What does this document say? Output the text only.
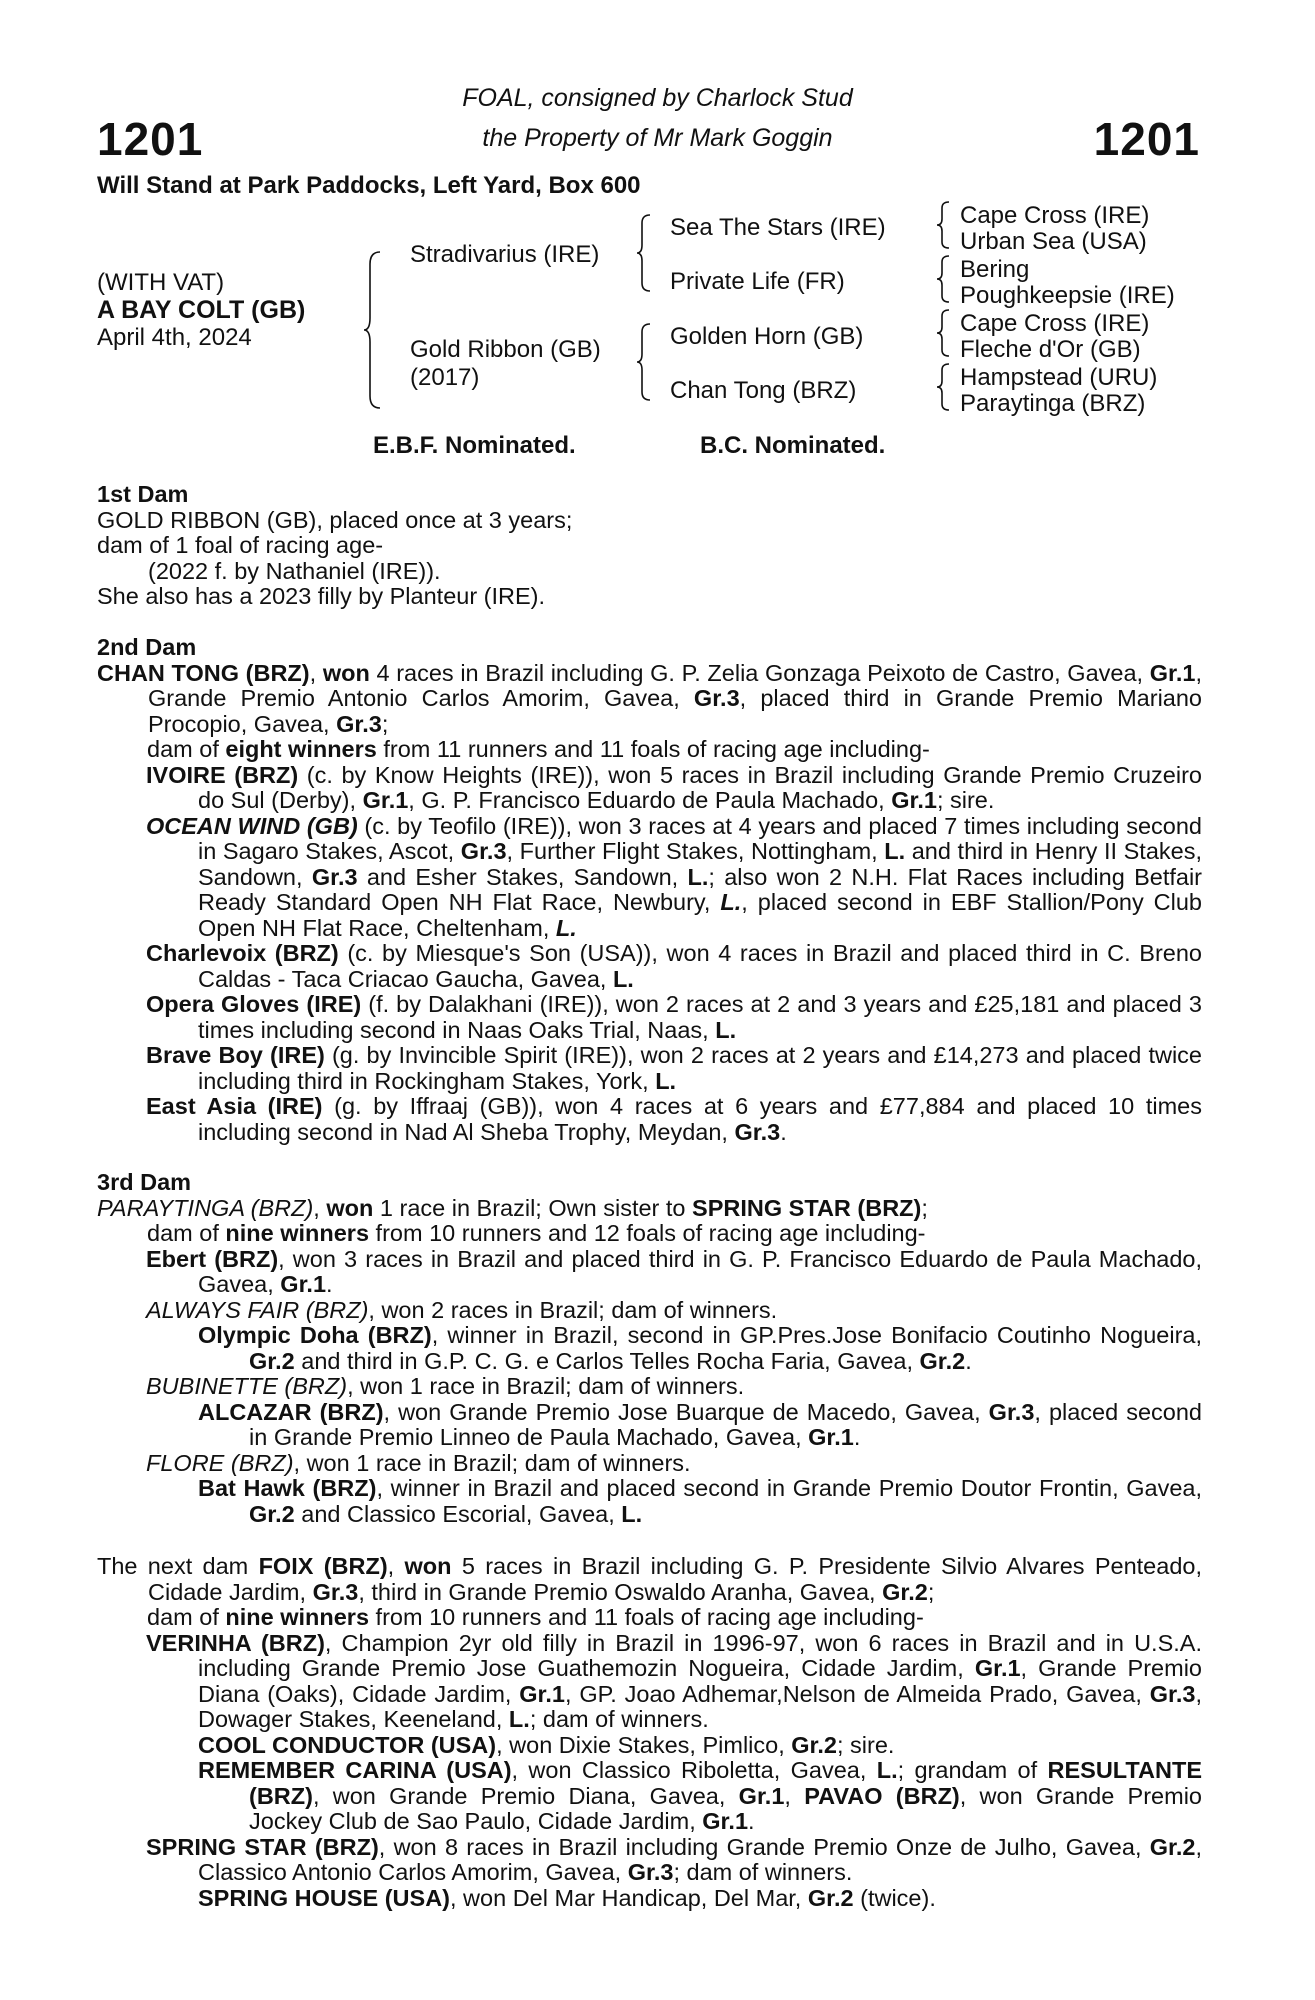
1201	1201
FOAL, consigned by Charlock Stud
the Property of Mr Mark Goggin
Will Stand at Park Paddocks, Left Yard, Box 600
(WITH VAT)
A BAY COLT (GB)
April 4th, 2024
Stradivarius (IRE)
Gold Ribbon (GB)
(2017)
Sea The Stars (IRE)
Private Life (FR)
Golden Horn (GB)
Chan Tong (BRZ)
Cape Cross (IRE)
Urban Sea (USA)
Bering
Poughkeepsie (IRE)
Cape Cross (IRE)
Fleche d'Or (GB)
Hampstead (URU)
Paraytinga (BRZ)
E.B.F. Nominated.	B.C. Nominated.

1st Dam

GOLD RIBBON (GB), placed once at 3 years;

dam of 1 foal of racing age-

(2022 f. by Nathaniel (IRE)).

She also has a 2023 filly by Planteur (IRE).

2nd Dam

CHAN TONG (BRZ), won 4 races in Brazil including G. P. Zelia Gonzaga Peixoto de Castro, Gavea, Gr.1, Grande Premio Antonio Carlos Amorim, Gavea, Gr.3, placed third in Grande Premio Mariano Procopio, Gavea, Gr.3;

dam of eight winners from 11 runners and 11 foals of racing age including-

IVOIRE (BRZ) (c. by Know Heights (IRE)), won 5 races in Brazil including Grande Premio Cruzeiro do Sul (Derby), Gr.1, G. P. Francisco Eduardo de Paula Machado, Gr.1; sire.

OCEAN WIND (GB) (c. by Teofilo (IRE)), won 3 races at 4 years and placed 7 times including second in Sagaro Stakes, Ascot, Gr.3, Further Flight Stakes, Nottingham, L. and third in Henry II Stakes, Sandown, Gr.3 and Esher Stakes, Sandown, L.; also won 2 N.H. Flat Races including Betfair Ready Standard Open NH Flat Race, Newbury, L., placed second in EBF Stallion/Pony Club Open NH Flat Race, Cheltenham, L.

Charlevoix (BRZ) (c. by Miesque's Son (USA)), won 4 races in Brazil and placed third in C. Breno Caldas - Taca Criacao Gaucha, Gavea, L.

Opera Gloves (IRE) (f. by Dalakhani (IRE)), won 2 races at 2 and 3 years and £25,181 and placed 3 times including second in Naas Oaks Trial, Naas, L.

Brave Boy (IRE) (g. by Invincible Spirit (IRE)), won 2 races at 2 years and £14,273 and placed twice including third in Rockingham Stakes, York, L.

East Asia (IRE) (g. by Iffraaj (GB)), won 4 races at 6 years and £77,884 and placed 10 times including second in Nad Al Sheba Trophy, Meydan, Gr.3.

3rd Dam

PARAYTINGA (BRZ), won 1 race in Brazil; Own sister to SPRING STAR (BRZ);

dam of nine winners from 10 runners and 12 foals of racing age including-

Ebert (BRZ), won 3 races in Brazil and placed third in G. P. Francisco Eduardo de Paula Machado, Gavea, Gr.1.

ALWAYS FAIR (BRZ), won 2 races in Brazil; dam of winners.

Olympic Doha (BRZ), winner in Brazil, second in GP.Pres.Jose Bonifacio Coutinho Nogueira, Gr.2 and third in G.P. C. G. e Carlos Telles Rocha Faria, Gavea, Gr.2.

BUBINETTE (BRZ), won 1 race in Brazil; dam of winners.

ALCAZAR (BRZ), won Grande Premio Jose Buarque de Macedo, Gavea, Gr.3, placed second in Grande Premio Linneo de Paula Machado, Gavea, Gr.1.

FLORE (BRZ), won 1 race in Brazil; dam of winners.

Bat Hawk (BRZ), winner in Brazil and placed second in Grande Premio Doutor Frontin, Gavea, Gr.2 and Classico Escorial, Gavea, L.

The next dam FOIX (BRZ), won 5 races in Brazil including G. P. Presidente Silvio Alvares Penteado, Cidade Jardim, Gr.3, third in Grande Premio Oswaldo Aranha, Gavea, Gr.2;

dam of nine winners from 10 runners and 11 foals of racing age including-

VERINHA (BRZ), Champion 2yr old filly in Brazil in 1996-97, won 6 races in Brazil and in U.S.A. including Grande Premio Jose Guathemozin Nogueira, Cidade Jardim, Gr.1, Grande Premio Diana (Oaks), Cidade Jardim, Gr.1, GP. Joao Adhemar,Nelson de Almeida Prado, Gavea, Gr.3, Dowager Stakes, Keeneland, L.; dam of winners.

COOL CONDUCTOR (USA), won Dixie Stakes, Pimlico, Gr.2; sire.

REMEMBER CARINA (USA), won Classico Riboletta, Gavea, L.; grandam of RESULTANTE (BRZ), won Grande Premio Diana, Gavea, Gr.1, PAVAO (BRZ), won Grande Premio Jockey Club de Sao Paulo, Cidade Jardim, Gr.1.

SPRING STAR (BRZ), won 8 races in Brazil including Grande Premio Onze de Julho, Gavea, Gr.2, Classico Antonio Carlos Amorim, Gavea, Gr.3; dam of winners.

SPRING HOUSE (USA), won Del Mar Handicap, Del Mar, Gr.2 (twice).
